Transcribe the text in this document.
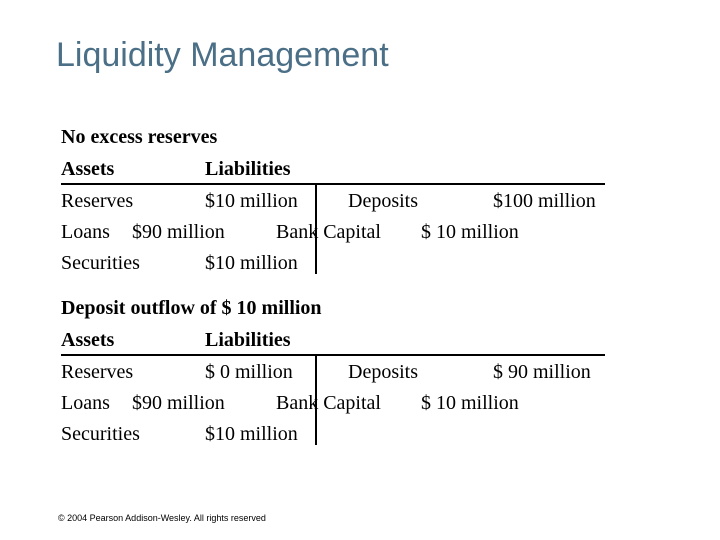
Liquidity Management
No excess reserves
Assets	Liabilities
Reserves	$10 million	Deposits	$100 million
Loans $90 million	Bank Capital $ 10 million
Securities	$10 million
Deposit outflow of $ 10 million
Assets	Liabilities
Reserves	$ 0 million	Deposits	$ 90 million
Loans $90 million	Bank Capital $ 10 million
Securities	$10 million
© 2004 Pearson Addison-Wesley. All rights reserved
